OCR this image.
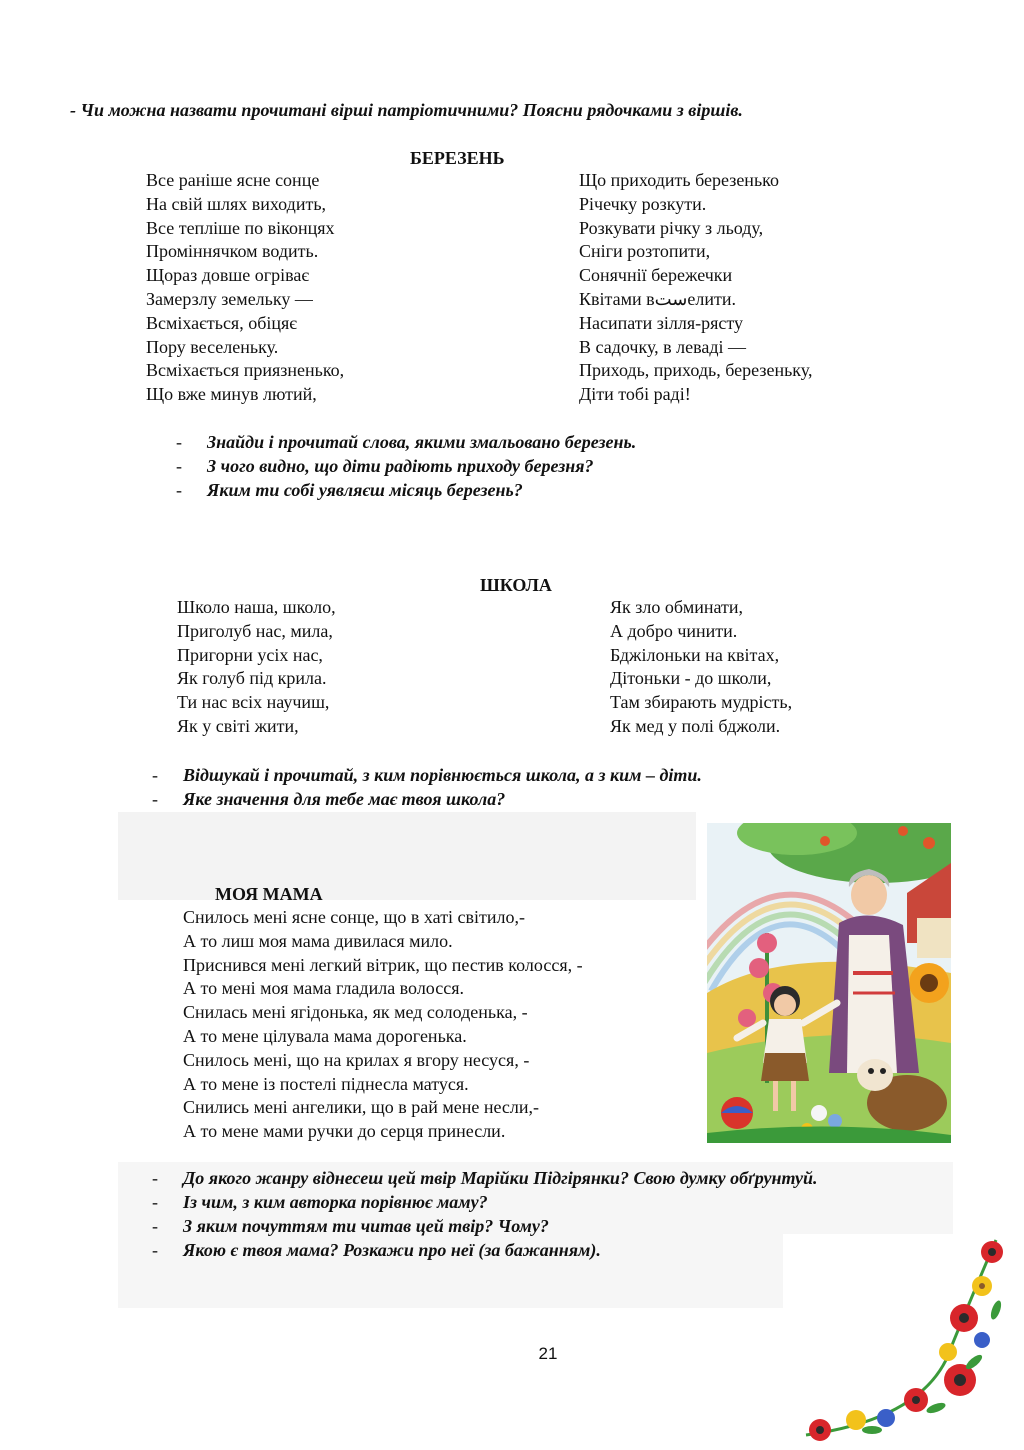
- Чи можна назвати прочитані вірші патріотичними? Поясни рядочками з віршів.

БЕРЕЗЕНЬ
Все раніше ясне сонце
На свій шлях виходить,
Все тепліше по віконцях
Проміннячком водить.
Щораз довше огріває
Замерзлу земельку —
Всміхається, обіцяє
Пору веселеньку.
Всміхається приязненько,
Що вже минув лютий,
Що приходить березенько
Річечку розкути.
Розкувати річку з льоду,
Сніги розтопити,
Сонячнії бережечки
Квітами вستелити.
Насипати зілля-рясту
В садочку, в леваді —
Приходь, приходь, березеньку,
Діти тобі раді!
- Знайди і прочитай слова, якими змальовано березень.
- З чого видно, що діти радіють приходу березня?
- Яким ти собі уявляєш місяць березень?
ШКОЛА
Школо наша, школо,
Приголуб нас, мила,
Пригорни усіх нас,
Як голуб під крила.
Ти нас всіх научиш,
Як у світі жити,
Як зло обминати,
А добро чинити.
Бджілоньки на квітах,
Дітоньки - до школи,
Там збирають мудрість,
Як мед у полі бджоли.
- Відшукай і прочитай, з ким порівнюється школа, а з ким – діти.
- Яке значення для тебе має твоя школа?
МОЯ МАМА
Снилось мені ясне сонце, що в хаті світило,-
А то лиш моя мама дивилася мило.
Приснився мені легкий вітрик, що пестив колосся, -
А то мені моя мама гладила волосся.
Снилась мені ягідонька, як мед солоденька, -
А то мене цілувала мама дорогенька.
Снилось мені, що на крилах я вгору несуся, -
А то мене із постелі піднесла матуся.
Снились мені ангелики, що в рай мене несли,-
А то мене мами ручки до серця принесли.
- До якого жанру віднесеш цей твір Марійки Підгірянки? Свою думку обґрунтуй.
- Із чим, з ким авторка порівнює маму?
- З яким почуттям ти читав цей твір? Чому?
- Якою є твоя мама? Розкажи про неї (за бажанням).
21
